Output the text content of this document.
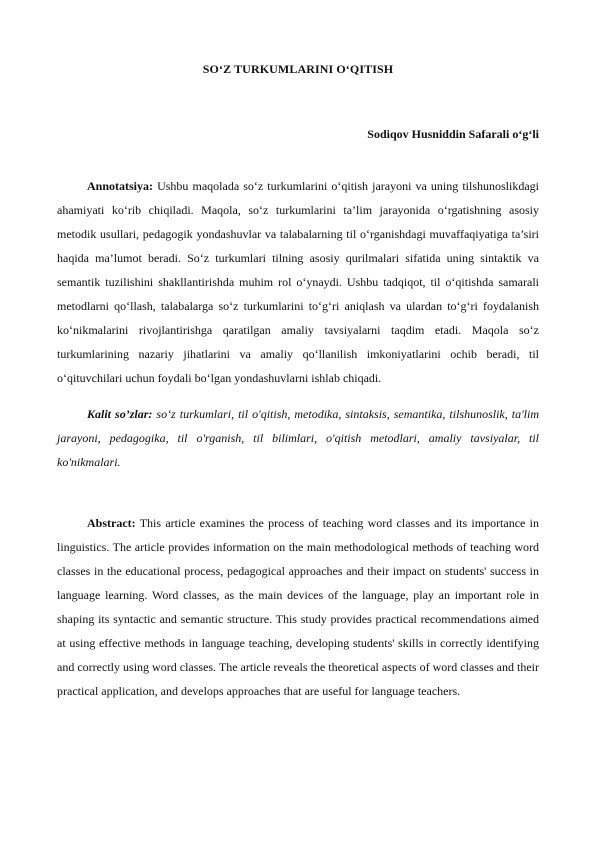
SO‘Z TURKUMLARINI O‘QITISH
Sodiqov Husniddin Safarali o‘g‘li

Annotatsiya: Ushbu maqolada so‘z turkumlarini o‘qitish jarayoni va uning tilshunoslikdagi ahamiyati ko‘rib chiqiladi. Maqola, so‘z turkumlarini ta’lim jarayonida o‘rgatishning asosiy metodik usullari, pedagogik yondashuvlar va talabalarning til o‘rganishdagi muvaffaqiyatiga ta’siri haqida ma’lumot beradi. So‘z turkumlari tilning asosiy qurilmalari sifatida uning sintaktik va semantik tuzilishini shakllantirishda muhim rol o‘ynaydi. Ushbu tadqiqot, til o‘qitishda samarali metodlarni qo‘llash, talabalarga so‘z turkumlarini to‘g‘ri aniqlash va ulardan to‘g‘ri foydalanish ko‘nikmalarini rivojlantirishga qaratilgan amaliy tavsiyalarni taqdim etadi. Maqola so‘z turkumlarining nazariy jihatlarini va amaliy qo‘llanilish imkoniyatlarini ochib beradi, til o‘qituvchilari uchun foydali bo‘lgan yondashuvlarni ishlab chiqadi.

Kalit so’zlar: so‘z turkumlari, til o'qitish, metodika, sintaksis, semantika, tilshunoslik, ta'lim jarayoni, pedagogika, til o'rganish, til bilimlari, o'qitish metodlari, amaliy tavsiyalar, til ko'nikmalari.

Abstract: This article examines the process of teaching word classes and its importance in linguistics. The article provides information on the main methodological methods of teaching word classes in the educational process, pedagogical approaches and their impact on students' success in language learning. Word classes, as the main devices of the language, play an important role in shaping its syntactic and semantic structure. This study provides practical recommendations aimed at using effective methods in language teaching, developing students' skills in correctly identifying and correctly using word classes. The article reveals the theoretical aspects of word classes and their practical application, and develops approaches that are useful for language teachers.
